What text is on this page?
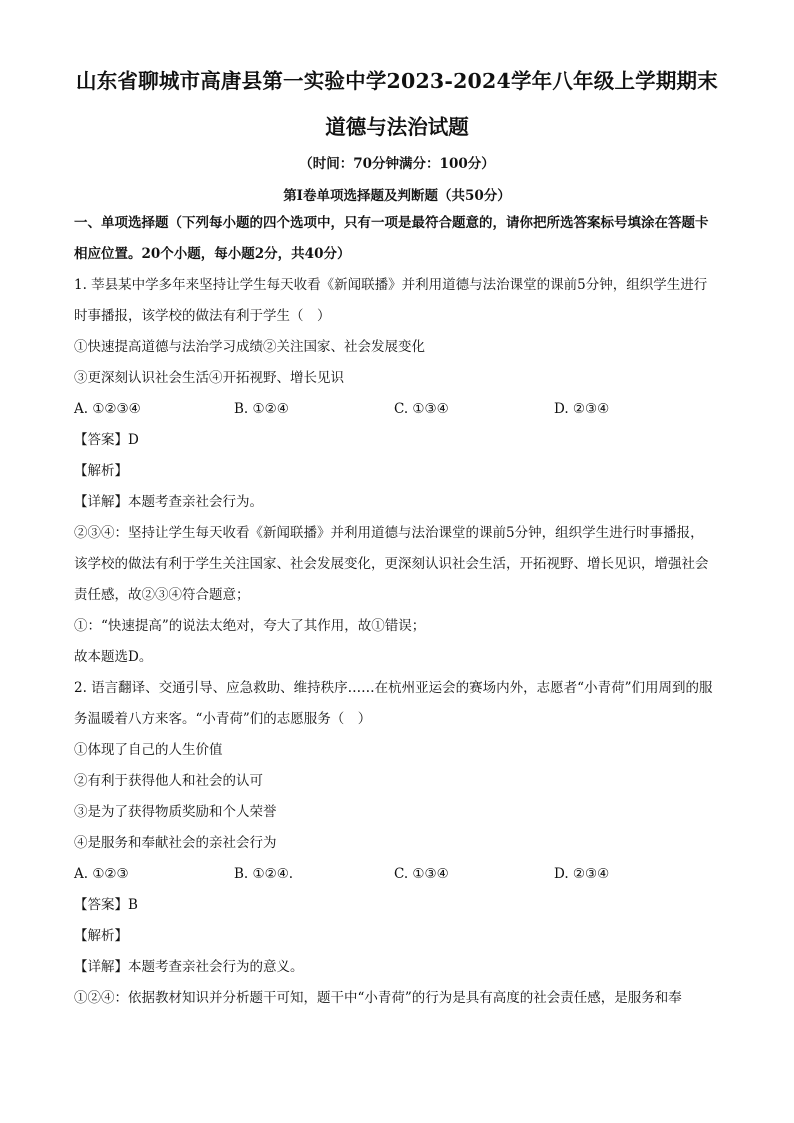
山东省聊城市高唐县第一实验中学2023-2024学年八年级上学期期末
道德与法治试题
（时间：70分钟满分：100分）
第Ⅰ卷单项选择题及判断题（共50分）

一、单项选择题（下列每小题的四个选项中，只有一项是最符合题意的，请你把所选答案标号填涂在答题卡相应位置。20个小题，每小题2分，共40分）

1. 莘县某中学多年来坚持让学生每天收看《新闻联播》并利用道德与法治课堂的课前5分钟，组织学生进行时事播报，该学校的做法有利于学生（　）

①快速提高道德与法治学习成绩②关注国家、社会发展变化

③更深刻认识社会生活④开拓视野、增长见识

A. ①②③④	B. ①②④	C. ①③④	D. ②③④

【答案】D

【解析】

【详解】本题考查亲社会行为。

②③④：坚持让学生每天收看《新闻联播》并利用道德与法治课堂的课前5分钟，组织学生进行时事播报，该学校的做法有利于学生关注国家、社会发展变化，更深刻认识社会生活，开拓视野、增长见识，增强社会责任感，故②③④符合题意；

①：“快速提高”的说法太绝对，夸大了其作用，故①错误；

故本题选D。

2. 语言翻译、交通引导、应急救助、维持秩序……在杭州亚运会的赛场内外，志愿者“小青荷”们用周到的服务温暖着八方来客。“小青荷”们的志愿服务（　）

①体现了自己的人生价值

②有利于获得他人和社会的认可

③是为了获得物质奖励和个人荣誉

④是服务和奉献社会的亲社会行为

A. ①②③	B. ①②④.	C. ①③④	D. ②③④

【答案】B

【解析】

【详解】本题考查亲社会行为的意义。

①②④：依据教材知识并分析题干可知，题干中“小青荷”的行为是具有高度的社会责任感，是服务和奉
